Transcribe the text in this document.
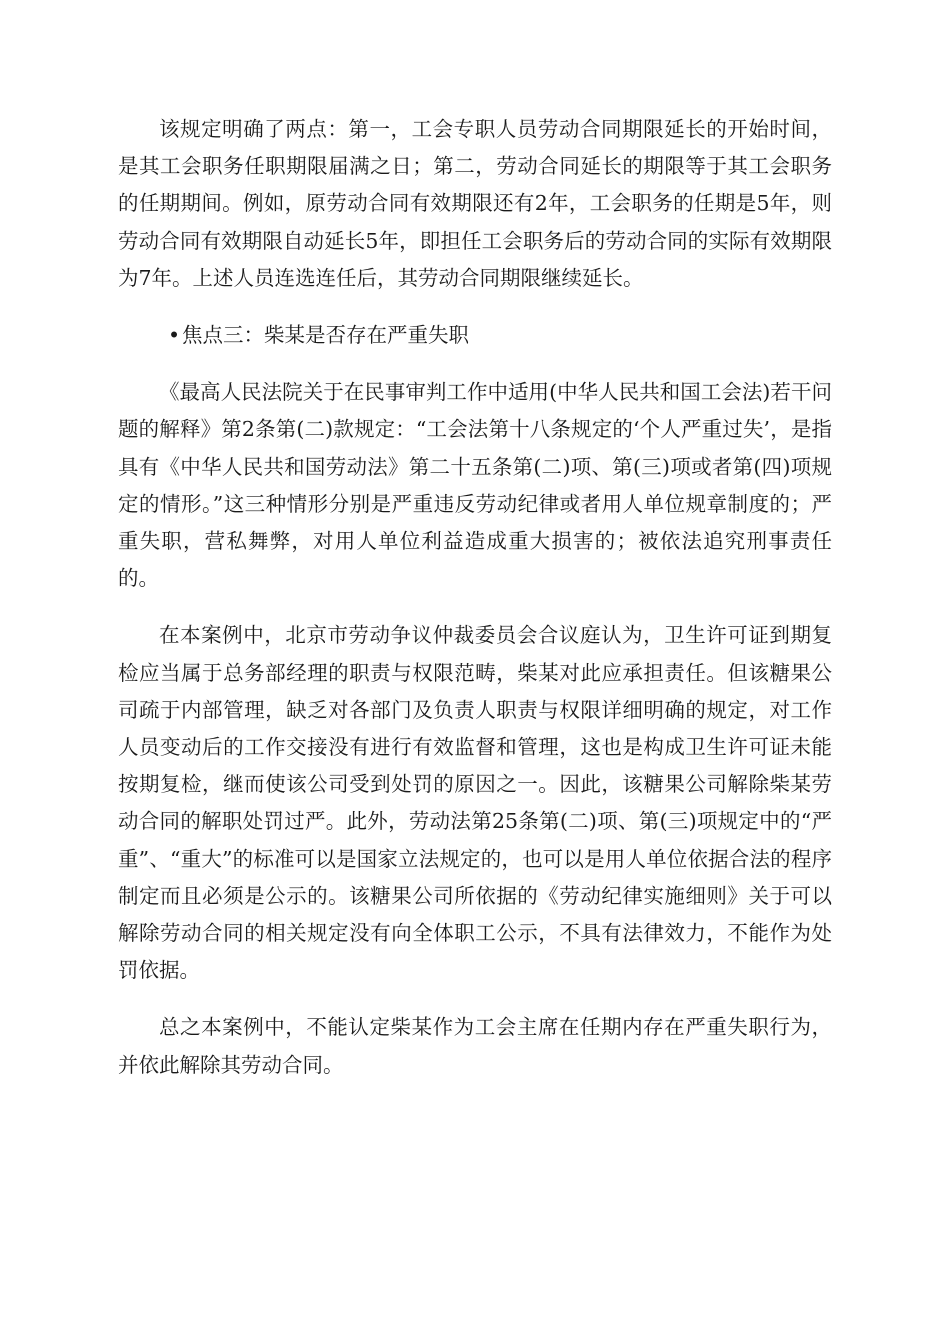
该规定明确了两点：第一，工会专职人员劳动合同期限延长的开始时间，是其工会职务任职期限届满之日；第二，劳动合同延长的期限等于其工会职务的任期期间。例如，原劳动合同有效期限还有2年，工会职务的任期是5年，则劳动合同有效期限自动延长5年，即担任工会职务后的劳动合同的实际有效期限为7年。上述人员连选连任后，其劳动合同期限继续延长。

•焦点三：柴某是否存在严重失职

《最高人民法院关于在民事审判工作中适用(中华人民共和国工会法)若干问题的解释》第2条第(二)款规定：“工会法第十八条规定的‘个人严重过失’，是指具有《中华人民共和国劳动法》第二十五条第(二)项、第(三)项或者第(四)项规定的情形。”这三种情形分别是严重违反劳动纪律或者用人单位规章制度的；严重失职，营私舞弊，对用人单位利益造成重大损害的；被依法追究刑事责任的。

在本案例中，北京市劳动争议仲裁委员会合议庭认为，卫生许可证到期复检应当属于总务部经理的职责与权限范畴，柴某对此应承担责任。但该糖果公司疏于内部管理，缺乏对各部门及负责人职责与权限详细明确的规定，对工作人员变动后的工作交接没有进行有效监督和管理，这也是构成卫生许可证未能按期复检，继而使该公司受到处罚的原因之一。因此，该糖果公司解除柴某劳动合同的解职处罚过严。此外，劳动法第25条第(二)项、第(三)项规定中的“严重”、“重大”的标准可以是国家立法规定的，也可以是用人单位依据合法的程序制定而且必须是公示的。该糖果公司所依据的《劳动纪律实施细则》关于可以解除劳动合同的相关规定没有向全体职工公示，不具有法律效力，不能作为处罚依据。

总之本案例中，不能认定柴某作为工会主席在任期内存在严重失职行为，并依此解除其劳动合同。
